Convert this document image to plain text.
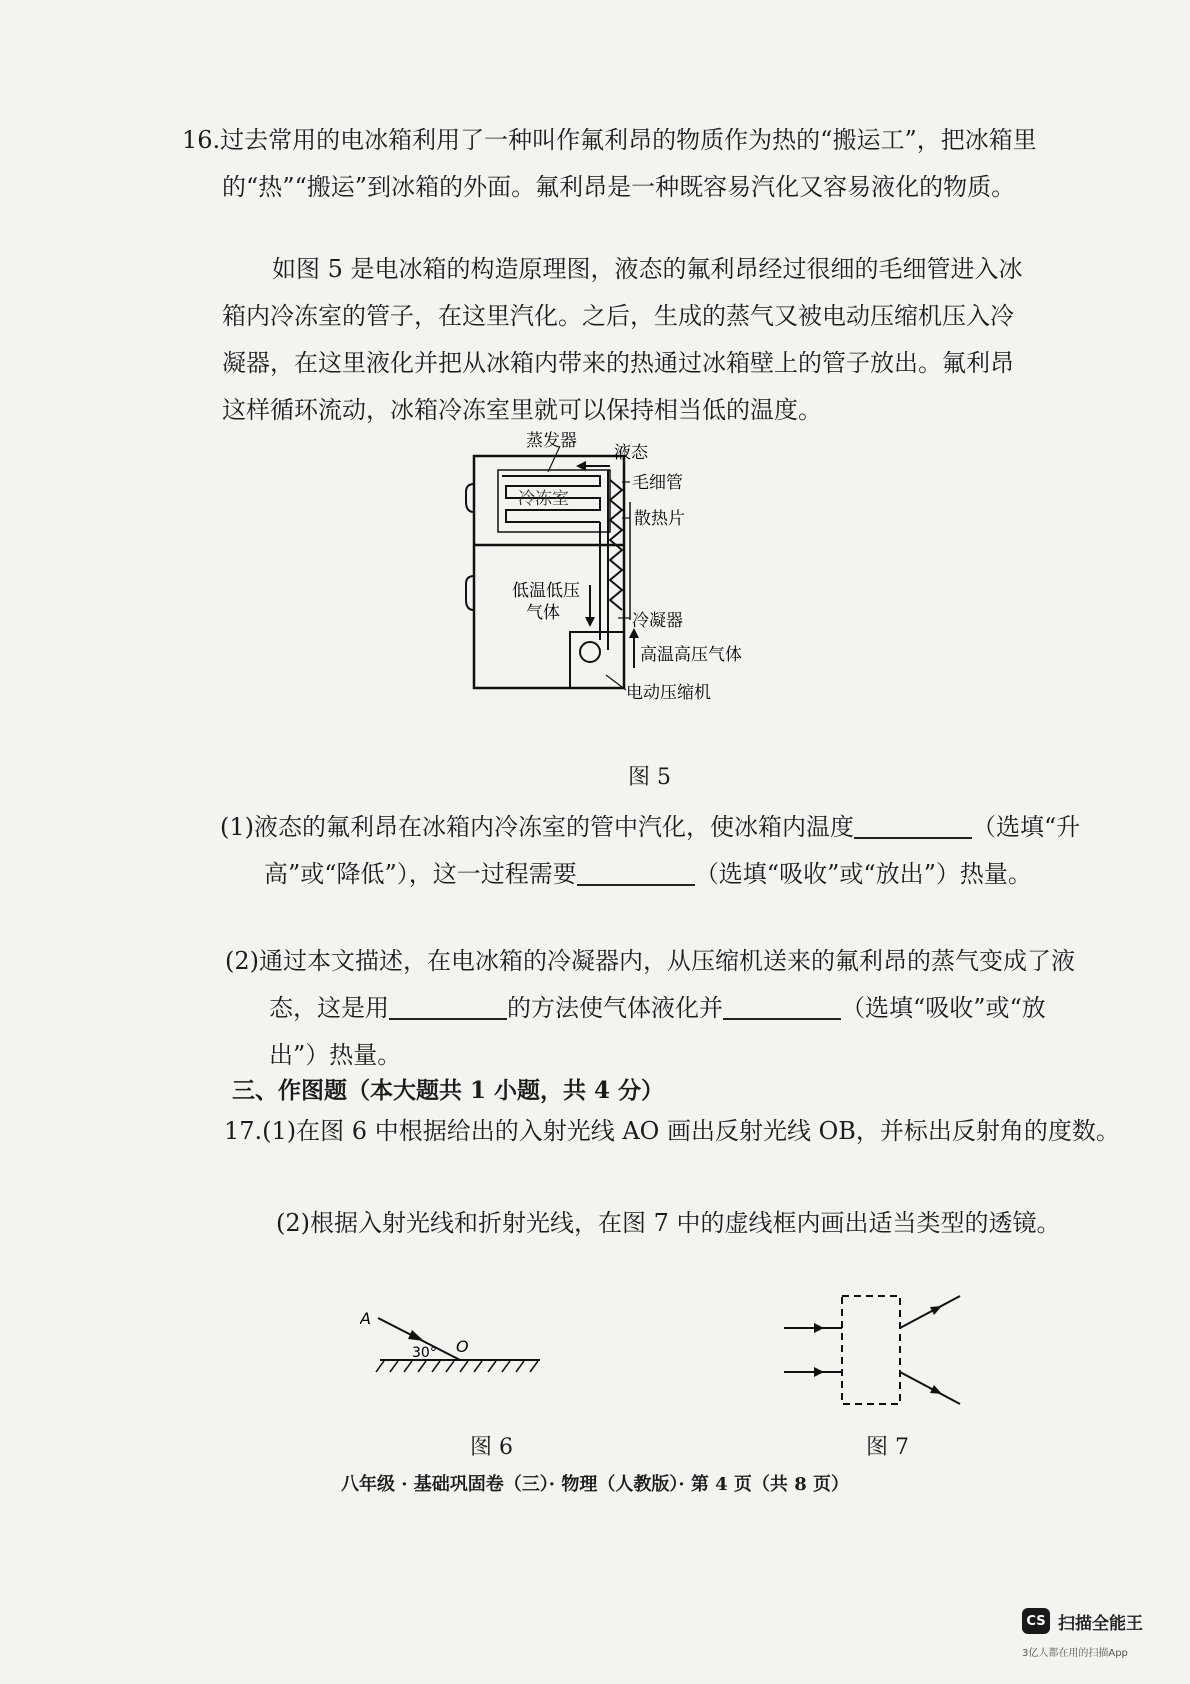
16.过去常用的电冰箱利用了一种叫作氟利昂的物质作为热的“搬运工”，把冰箱里的“热”“搬运”到冰箱的外面。氟利昂是一种既容易汽化又容易液化的物质。

如图 5 是电冰箱的构造原理图，液态的氟利昂经过很细的毛细管进入冰箱内冷冻室的管子，在这里汽化。之后，生成的蒸气又被电动压缩机压入冷凝器，在这里液化并把从冰箱内带来的热通过冰箱壁上的管子放出。氟利昂这样循环流动，冰箱冷冻室里就可以保持相当低的温度。

蒸发器
液态
冷冻室
毛细管
散热片
低温低压
气体	冷凝器
高温高压气体
电动压缩机
图 5

(1)液态的氟利昂在冰箱内冷冻室的管中汽化，使冰箱内温度	（选填“升高”或“降低”），这一过程需要	（选填“吸收”或“放出”）热量。

(2)通过本文描述，在电冰箱的冷凝器内，从压缩机送来的氟利昂的蒸气变成了液态，这是用	的方法使气体液化并	（选填“吸收”或“放出”）热量。

三、作图题（本大题共 1 小题，共 4 分）

17.(1)在图 6 中根据给出的入射光线 AO 画出反射光线 OB，并标出反射角的度数。

(2)根据入射光线和折射光线，在图 7 中的虚线框内画出适当类型的透镜。

A
O
30°
图 6	图 7
八年级 · 基础巩固卷（三）· 物理（人教版）· 第 4 页（共 8 页）
CS 扫描全能王
3亿人都在用的扫描App
